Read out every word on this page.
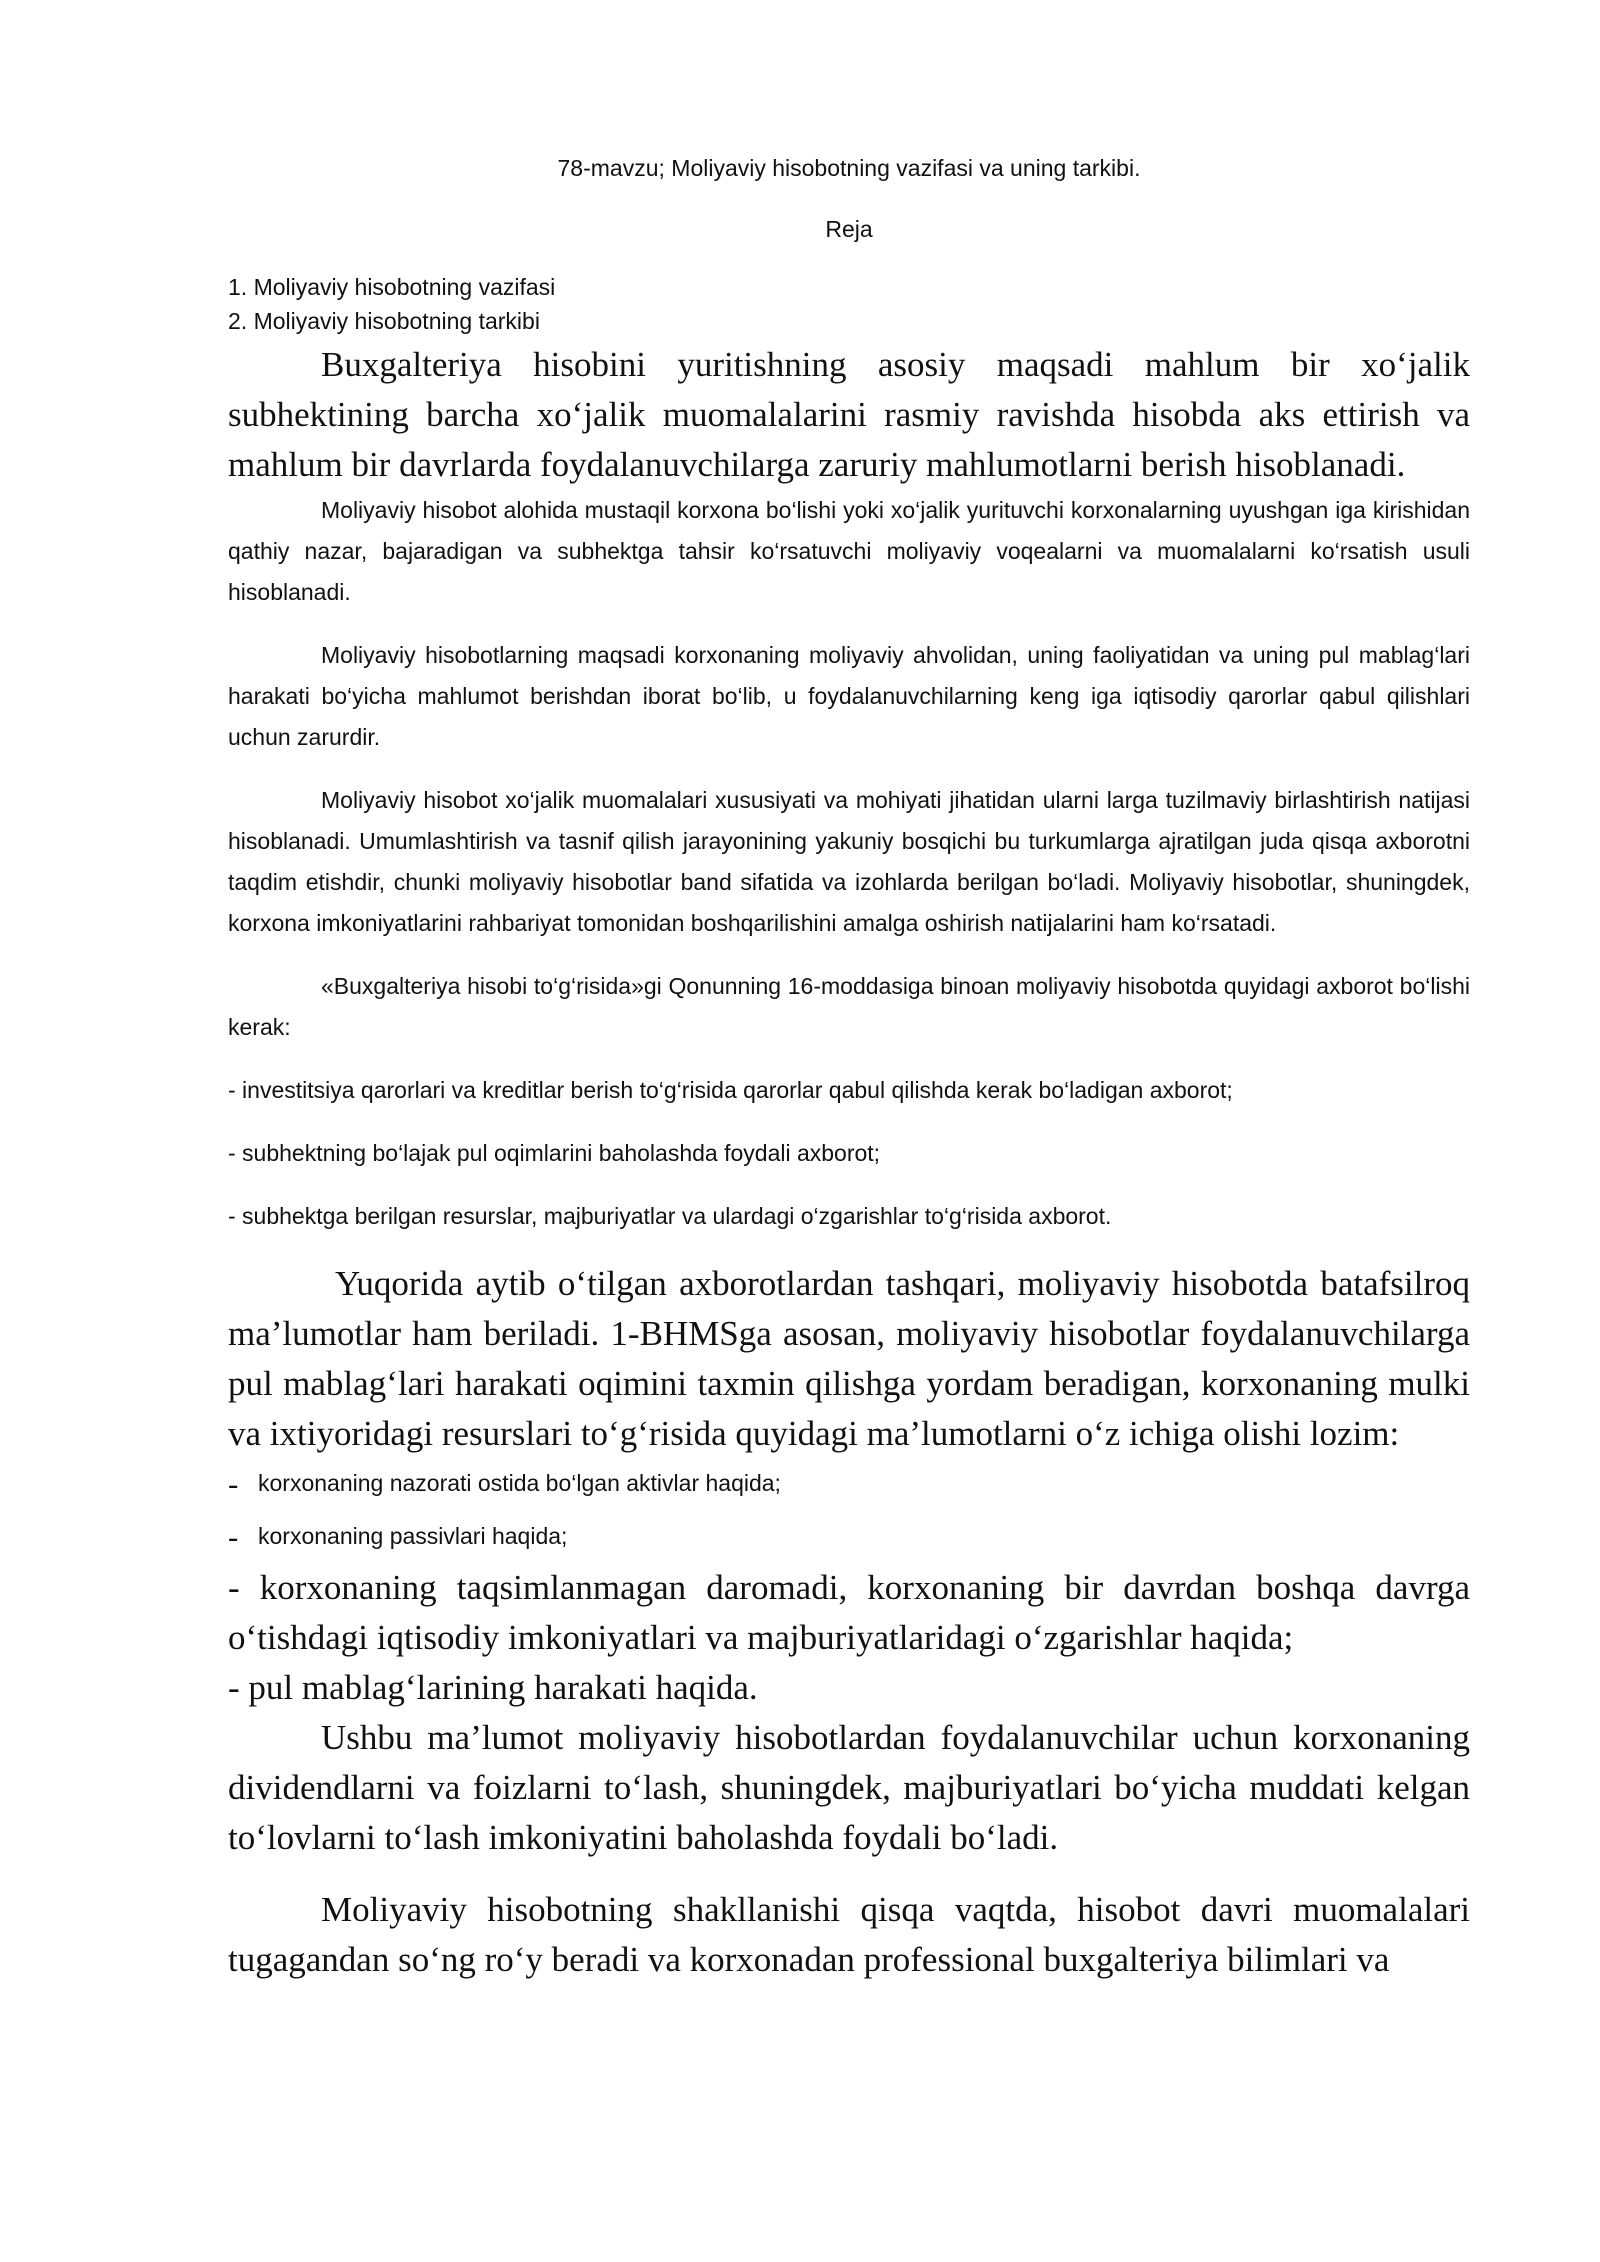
78-mavzu; Moliyaviy hisobotning vazifasi va uning tarkibi.

Reja

1. Moliyaviy hisobotning vazifasi

2. Moliyaviy hisobotning tarkibi

Buxgalteriya hisobini yuritishning asosiy maqsadi mahlum bir xo‘jalik subhektining barcha xo‘jalik muomalalarini rasmiy ravishda hisobda aks ettirish va mahlum bir davrlarda foydalanuvchilarga zaruriy mahlumotlarni berish hisoblanadi.

Moliyaviy hisobot alohida mustaqil korxona bo‘lishi yoki xo‘jalik yurituvchi korxonalarning uyushgan iga kirishidan qathiy nazar, bajaradigan va subhektga tahsir ko‘rsatuvchi moliyaviy voqealarni va muomalalarni ko‘rsatish usuli hisoblanadi.

Moliyaviy hisobotlarning maqsadi korxonaning moliyaviy ahvolidan, uning faoliyatidan va uning pul mablag‘lari harakati bo‘yicha mahlumot berishdan iborat bo‘lib, u foydalanuvchilarning keng iga iqtisodiy qarorlar qabul qilishlari uchun zarurdir.

Moliyaviy hisobot xo‘jalik muomalalari xususiyati va mohiyati jihatidan ularni larga tuzilmaviy birlashtirish natijasi hisoblanadi. Umumlashtirish va tasnif qilish jarayonining yakuniy bosqichi bu turkumlarga ajratilgan juda qisqa axborotni taqdim etishdir, chunki moliyaviy hisobotlar band sifatida va izohlarda berilgan bo‘ladi. Moliyaviy hisobotlar, shuningdek, korxona imkoniyatlarini rahbariyat tomonidan boshqarilishini amalga oshirish natijalarini ham ko‘rsatadi.

«Buxgalteriya hisobi to‘g‘risida»gi Qonunning 16-moddasiga binoan moliyaviy hisobotda quyidagi axborot bo‘lishi kerak:

- investitsiya qarorlari va kreditlar berish to‘g‘risida qarorlar qabul qilishda kerak bo‘ladigan axborot;

- subhektning bo‘lajak pul oqimlarini baholashda foydali axborot;

- subhektga berilgan resurslar, majburiyatlar va ulardagi o‘zgarishlar to‘g‘risida axborot.

Yuqorida aytib o‘tilgan axborotlardan tashqari, moliyaviy hisobotda batafsilroq ma’lumotlar ham beriladi. 1-BHMSga asosan, moliyaviy hisobotlar foydalanuvchilarga pul mablag‘lari harakati oqimini taxmin qilishga yordam beradigan, korxonaning mulki va ixtiyoridagi resurslari to‘g‘risida quyidagi ma’lumotlarni o‘z ichiga olishi lozim:

- korxonaning nazorati ostida bo‘lgan aktivlar haqida;
- korxonaning passivlari haqida;

- korxonaning taqsimlanmagan daromadi, korxonaning bir davrdan boshqa davrga o‘tishdagi iqtisodiy imkoniyatlari va majburiyatlaridagi o‘zgarishlar haqida;

- pul mablag‘larining harakati haqida.

Ushbu ma’lumot moliyaviy hisobotlardan foydalanuvchilar uchun korxonaning dividendlarni va foizlarni to‘lash, shuningdek, majburiyatlari bo‘yicha muddati kelgan to‘lovlarni to‘lash imkoniyatini baholashda foydali bo‘ladi.

Moliyaviy hisobotning shakllanishi qisqa vaqtda, hisobot davri muomalalari tugagandan so‘ng ro‘y beradi va korxonadan professional buxgalteriya bilimlari va
